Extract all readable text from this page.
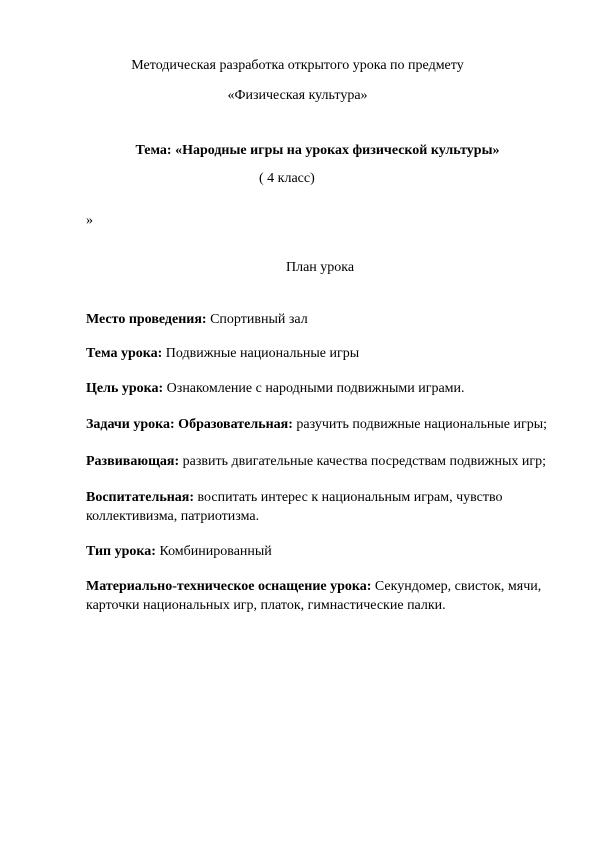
Методическая разработка открытого урока по предмету
«Физическая культура»
Тема: «Народные игры на уроках физической культуры»
( 4 класс)
»
План урока
Место проведения: Спортивный зал
Тема урока: Подвижные национальные игры
Цель урока: Ознакомление с народными подвижными играми.
Задачи урока: Образовательная: разучить подвижные национальные игры;
Развивающая: развить двигательные качества посредствам подвижных игр;
Воспитательная: воспитать интерес к национальным играм, чувство
коллективизма, патриотизма.
Тип урока: Комбинированный
Материально-техническое оснащение урока: Секундомер, свисток, мячи,
карточки национальных игр, платок, гимнастические палки.
